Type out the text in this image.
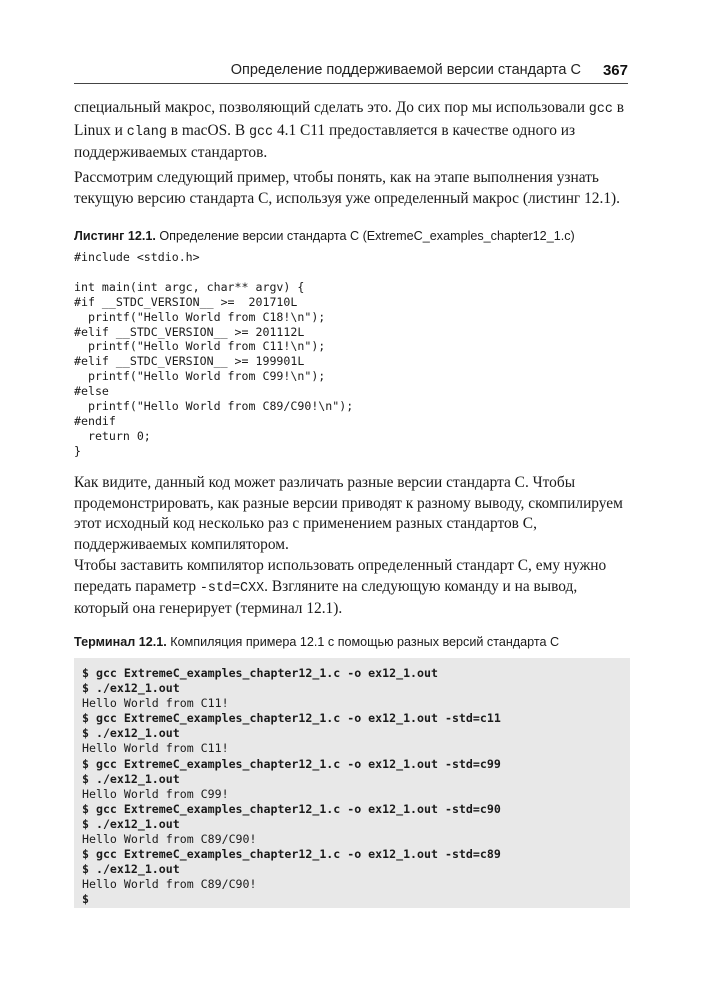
Определение поддерживаемой версии стандарта C 367

специальный макрос, позволяющий сделать это. До сих пор мы использовали gcc в Linux и clang в macOS. В gcc 4.1 C11 предоставляется в качестве одного из поддерживаемых стандартов.

Рассмотрим следующий пример, чтобы понять, как на этапе выполнения узнать текущую версию стандарта C, используя уже определенный макрос (листинг 12.1).

Листинг 12.1. Определение версии стандарта C (ExtremeC_examples_chapter12_1.c)

#include <stdio.h>

int main(int argc, char** argv) {
#if __STDC_VERSION__ >=  201710L
printf("Hello World from C18!\n");
#elif __STDC_VERSION__ >= 201112L
printf("Hello World from C11!\n");
#elif __STDC_VERSION__ >= 199901L
printf("Hello World from C99!\n");
#else
printf("Hello World from C89/C90!\n");
#endif
return 0;
}

Как видите, данный код может различать разные версии стандарта C. Чтобы продемонстрировать, как разные версии приводят к разному выводу, скомпилируем этот исходный код несколько раз с применением разных стандартов C, поддерживаемых компилятором.

Чтобы заставить компилятор использовать определенный стандарт C, ему нужно передать параметр -std=CXX. Взгляните на следующую команду и на вывод, который она генерирует (терминал 12.1).

Терминал 12.1. Компиляция примера 12.1 с помощью разных версий стандарта C

$ gcc ExtremeC_examples_chapter12_1.c -o ex12_1.out
$ ./ex12_1.out
Hello World from C11!
$ gcc ExtremeC_examples_chapter12_1.c -o ex12_1.out -std=c11
$ ./ex12_1.out
Hello World from C11!
$ gcc ExtremeC_examples_chapter12_1.c -o ex12_1.out -std=c99
$ ./ex12_1.out
Hello World from C99!
$ gcc ExtremeC_examples_chapter12_1.c -o ex12_1.out -std=c90
$ ./ex12_1.out
Hello World from C89/C90!
$ gcc ExtremeC_examples_chapter12_1.c -o ex12_1.out -std=c89
$ ./ex12_1.out
Hello World from C89/C90!
$
